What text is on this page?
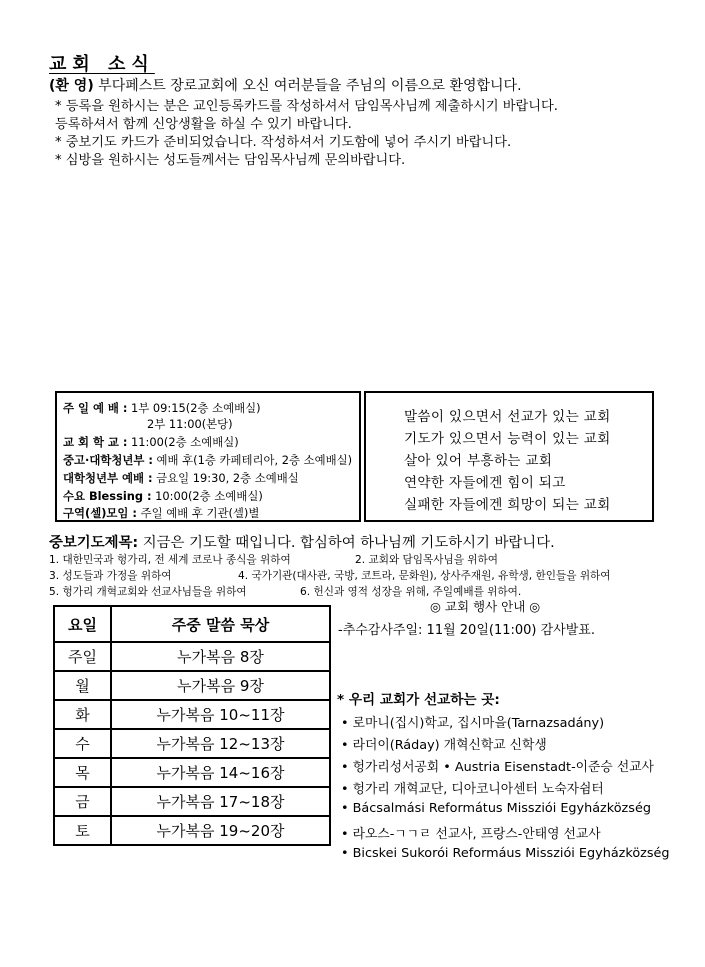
교회 소식
(환 영) 부다페스트 장로교회에 오신 여러분들을 주님의 이름으로 환영합니다.
* 등록을 원하시는 분은 교인등록카드를 작성하셔서 담임목사님께 제출하시기 바랍니다.
등록하셔서 함께 신앙생활을 하실 수 있기 바랍니다.
* 중보기도 카드가 준비되었습니다. 작성하셔서 기도함에 넣어 주시기 바랍니다.
* 심방을 원하시는 성도들께서는 담임목사님께 문의바랍니다.
주 일 예 배 : 1부 09:15(2층 소예배실)
2부 11:00(본당)
교 회 학 교 : 11:00(2층 소예배실)
중고·대학청년부 : 예배 후(1층 카페테리아, 2층 소예배실)
대학청년부 예배 : 금요일 19:30, 2층 소예배실
수요 Blessing : 10:00(2층 소예배실)
구역(셀)모임 : 주일 예배 후 기관(셀)별
말씀이 있으면서 선교가 있는 교회
기도가 있으면서 능력이 있는 교회
살아 있어 부흥하는 교회
연약한 자들에겐 힘이 되고
실패한 자들에겐 희망이 되는 교회
중보기도제목: 지금은 기도할 때입니다. 합심하여 하나님께 기도하시기 바랍니다.
1. 대한민국과 헝가리, 전 세계 코로나 종식을 위하여	2. 교회와 담임목사님을 위하여
3. 성도들과 가정을 위하여	4. 국가기관(대사관, 국방, 코트라, 문화원), 상사주재원, 유학생, 한인들을 위하여
5. 헝가리 개혁교회와 선교사님들을 위하여	6. 헌신과 영적 성장을 위해, 주일예배를 위하여.
◎ 교회 행사 안내 ◎
-추수감사주일: 11월 20일(11:00) 감사발표.
요일	주중 말씀 묵상
주일	누가복음 8장
월	누가복음 9장
화	누가복음 10~11장
수	누가복음 12~13장
목	누가복음 14~16장
금	누가복음 17~18장
토	누가복음 19~20장
* 우리 교회가 선교하는 곳:
• 로마니(집시)학교, 집시마을(Tarnazsadány)
• 라더이(Ráday) 개혁신학교 신학생
• 헝가리성서공회 • Austria Eisenstadt-이준승 선교사
• 헝가리 개혁교단, 디아코니아센터 노숙자쉼터
• Bácsalmási Református Missziói Egyházközség
• 라오스-ㄱㄱㄹ 선교사, 프랑스-안태영 선교사
• Bicskei Sukorói Reformáus Missziói Egyházközség
